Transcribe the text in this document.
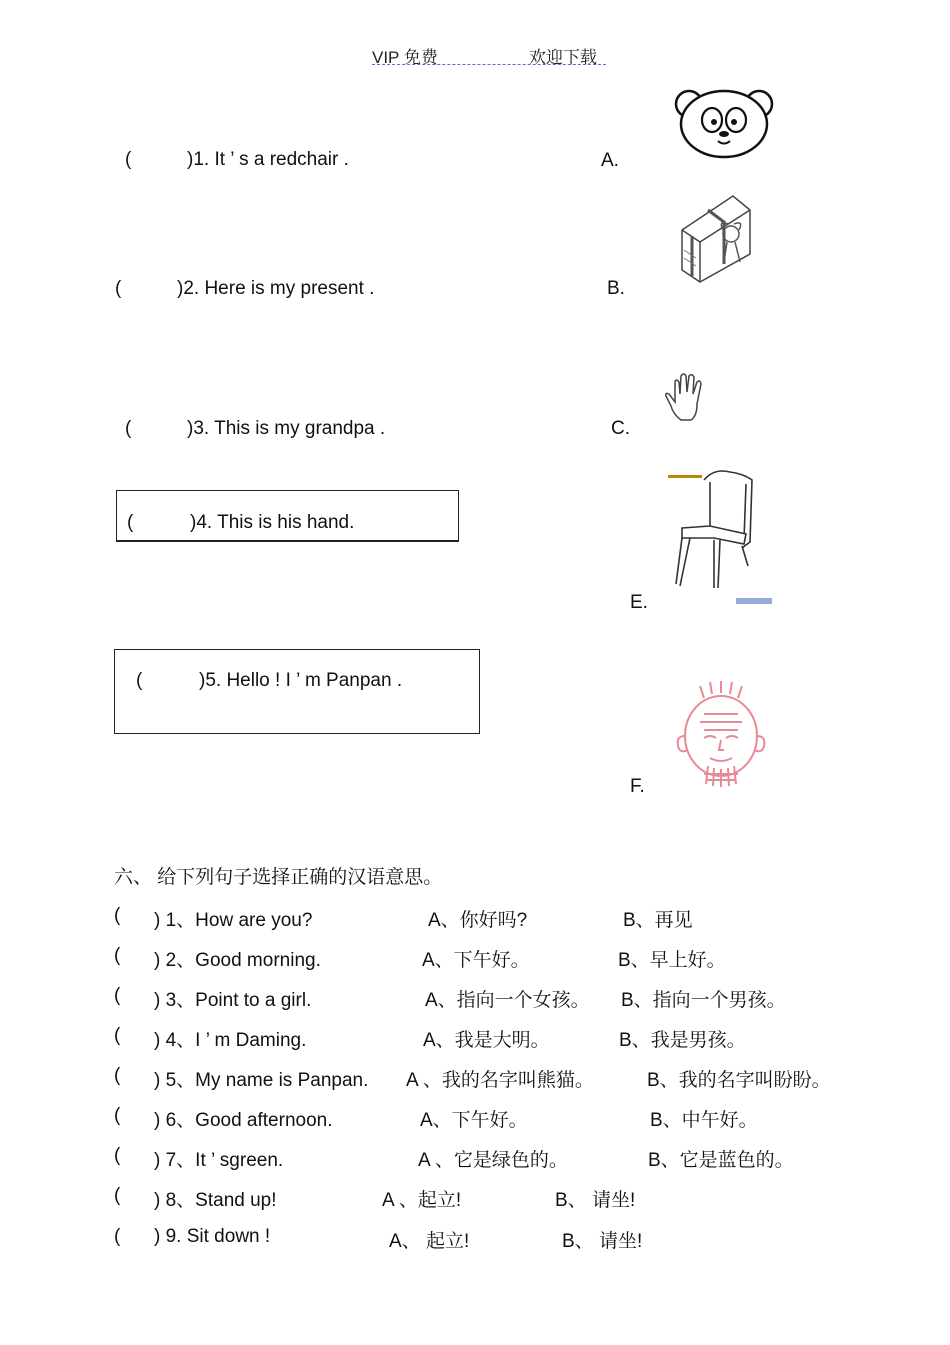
VIP 免费	欢迎下载
(	)1. It ’ s a redchair .
(	)2. Here is my present .
(	)3. This is my grandpa .
(	)4. This is his hand.
(	)5. Hello ! I ’ m Panpan .
A.
B.
C.
E.
F.
六、 给下列句子选择正确的汉语意思。
( ) 1、How are you?	A、你好吗?	B、再见
( ) 2、Good morning.	A、下午好。	B、早上好。
( ) 3、Point to a girl.	A、指向一个女孩。 B、指向一个男孩。
( ) 4、I ’ m Daming.	A、我是大明。	B、我是男孩。
( ) 5、My name is Panpan. A 、我的名字叫熊猫。	B、我的名字叫盼盼。
( ) 6、Good afternoon.	A、下午好。	B、中午好。
( ) 7、It ’ sgreen.	A 、它是绿色的。	B、它是蓝色的。
( ) 8、Stand up!	A 、起立!	B、 请坐!
( ) 9. Sit down !	A、 起立!	B、 请坐!
